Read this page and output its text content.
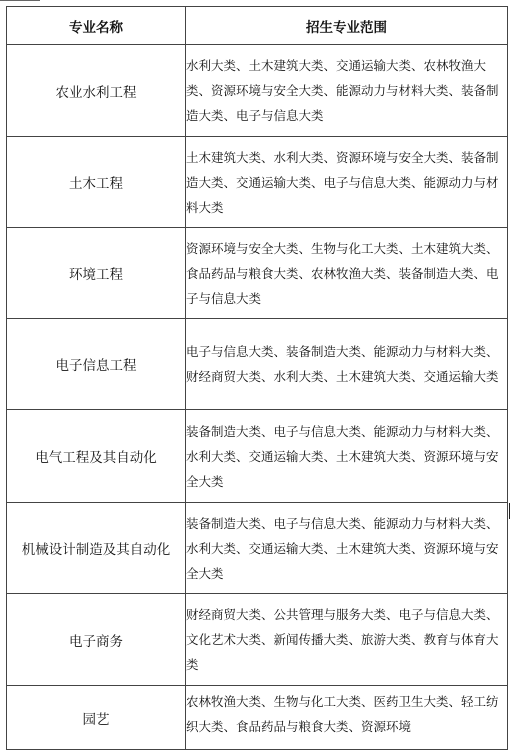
专业名称	招生专业范围
农业水利工程	水利大类、土木建筑大类、交通运输大类、农林牧渔大类、资源环境与安全大类、能源动力与材料大类、装备制造大类、电子与信息大类
土木工程	土木建筑大类、水利大类、资源环境与安全大类、装备制造大类、交通运输大类、电子与信息大类、能源动力与材料大类
环境工程	资源环境与安全大类、生物与化工大类、土木建筑大类、食品药品与粮食大类、农林牧渔大类、装备制造大类、电子与信息大类
电子信息工程	电子与信息大类、装备制造大类、能源动力与材料大类、财经商贸大类、水利大类、土木建筑大类、交通运输大类
电气工程及其自动化	装备制造大类、电子与信息大类、能源动力与材料大类、水利大类、交通运输大类、土木建筑大类、资源环境与安全大类
机械设计制造及其自动化	装备制造大类、电子与信息大类、能源动力与材料大类、水利大类、交通运输大类、土木建筑大类、资源环境与安全大类
电子商务	财经商贸大类、公共管理与服务大类、电子与信息大类、文化艺术大类、新闻传播大类、旅游大类、教育与体育大类
园艺	农林牧渔大类、生物与化工大类、医药卫生大类、轻工纺织大类、食品药品与粮食大类、资源环境
